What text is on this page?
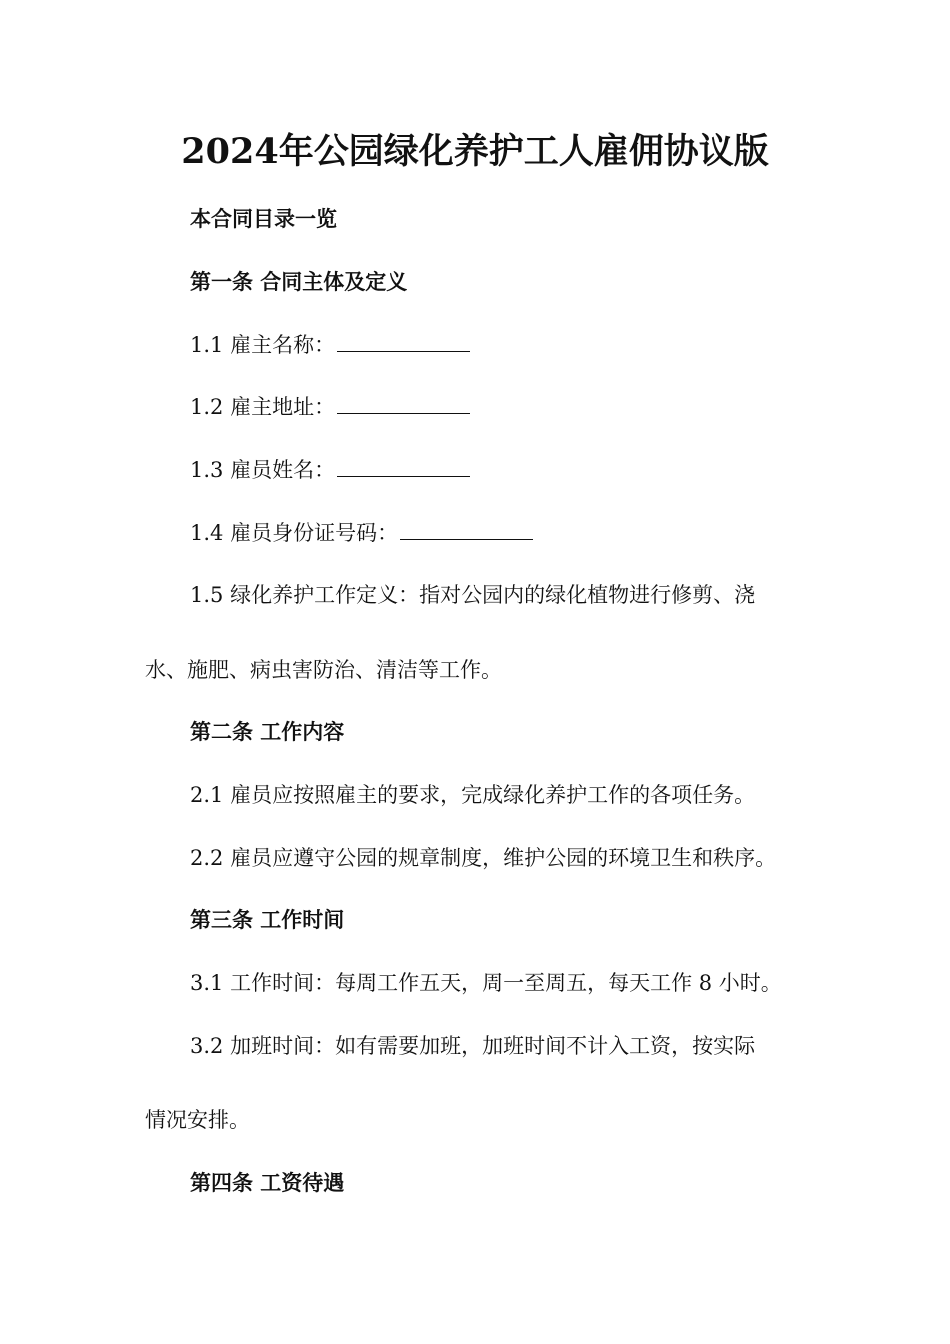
2024年公园绿化养护工人雇佣协议版
本合同目录一览
第一条 合同主体及定义
1.1 雇主名称：
1.2 雇主地址：
1.3 雇员姓名：
1.4 雇员身份证号码：
1.5 绿化养护工作定义：指对公园内的绿化植物进行修剪、浇
水、施肥、病虫害防治、清洁等工作。
第二条 工作内容
2.1 雇员应按照雇主的要求，完成绿化养护工作的各项任务。
2.2 雇员应遵守公园的规章制度，维护公园的环境卫生和秩序。
第三条 工作时间
3.1 工作时间：每周工作五天，周一至周五，每天工作 8 小时。
3.2 加班时间：如有需要加班，加班时间不计入工资，按实际
情况安排。
第四条 工资待遇
